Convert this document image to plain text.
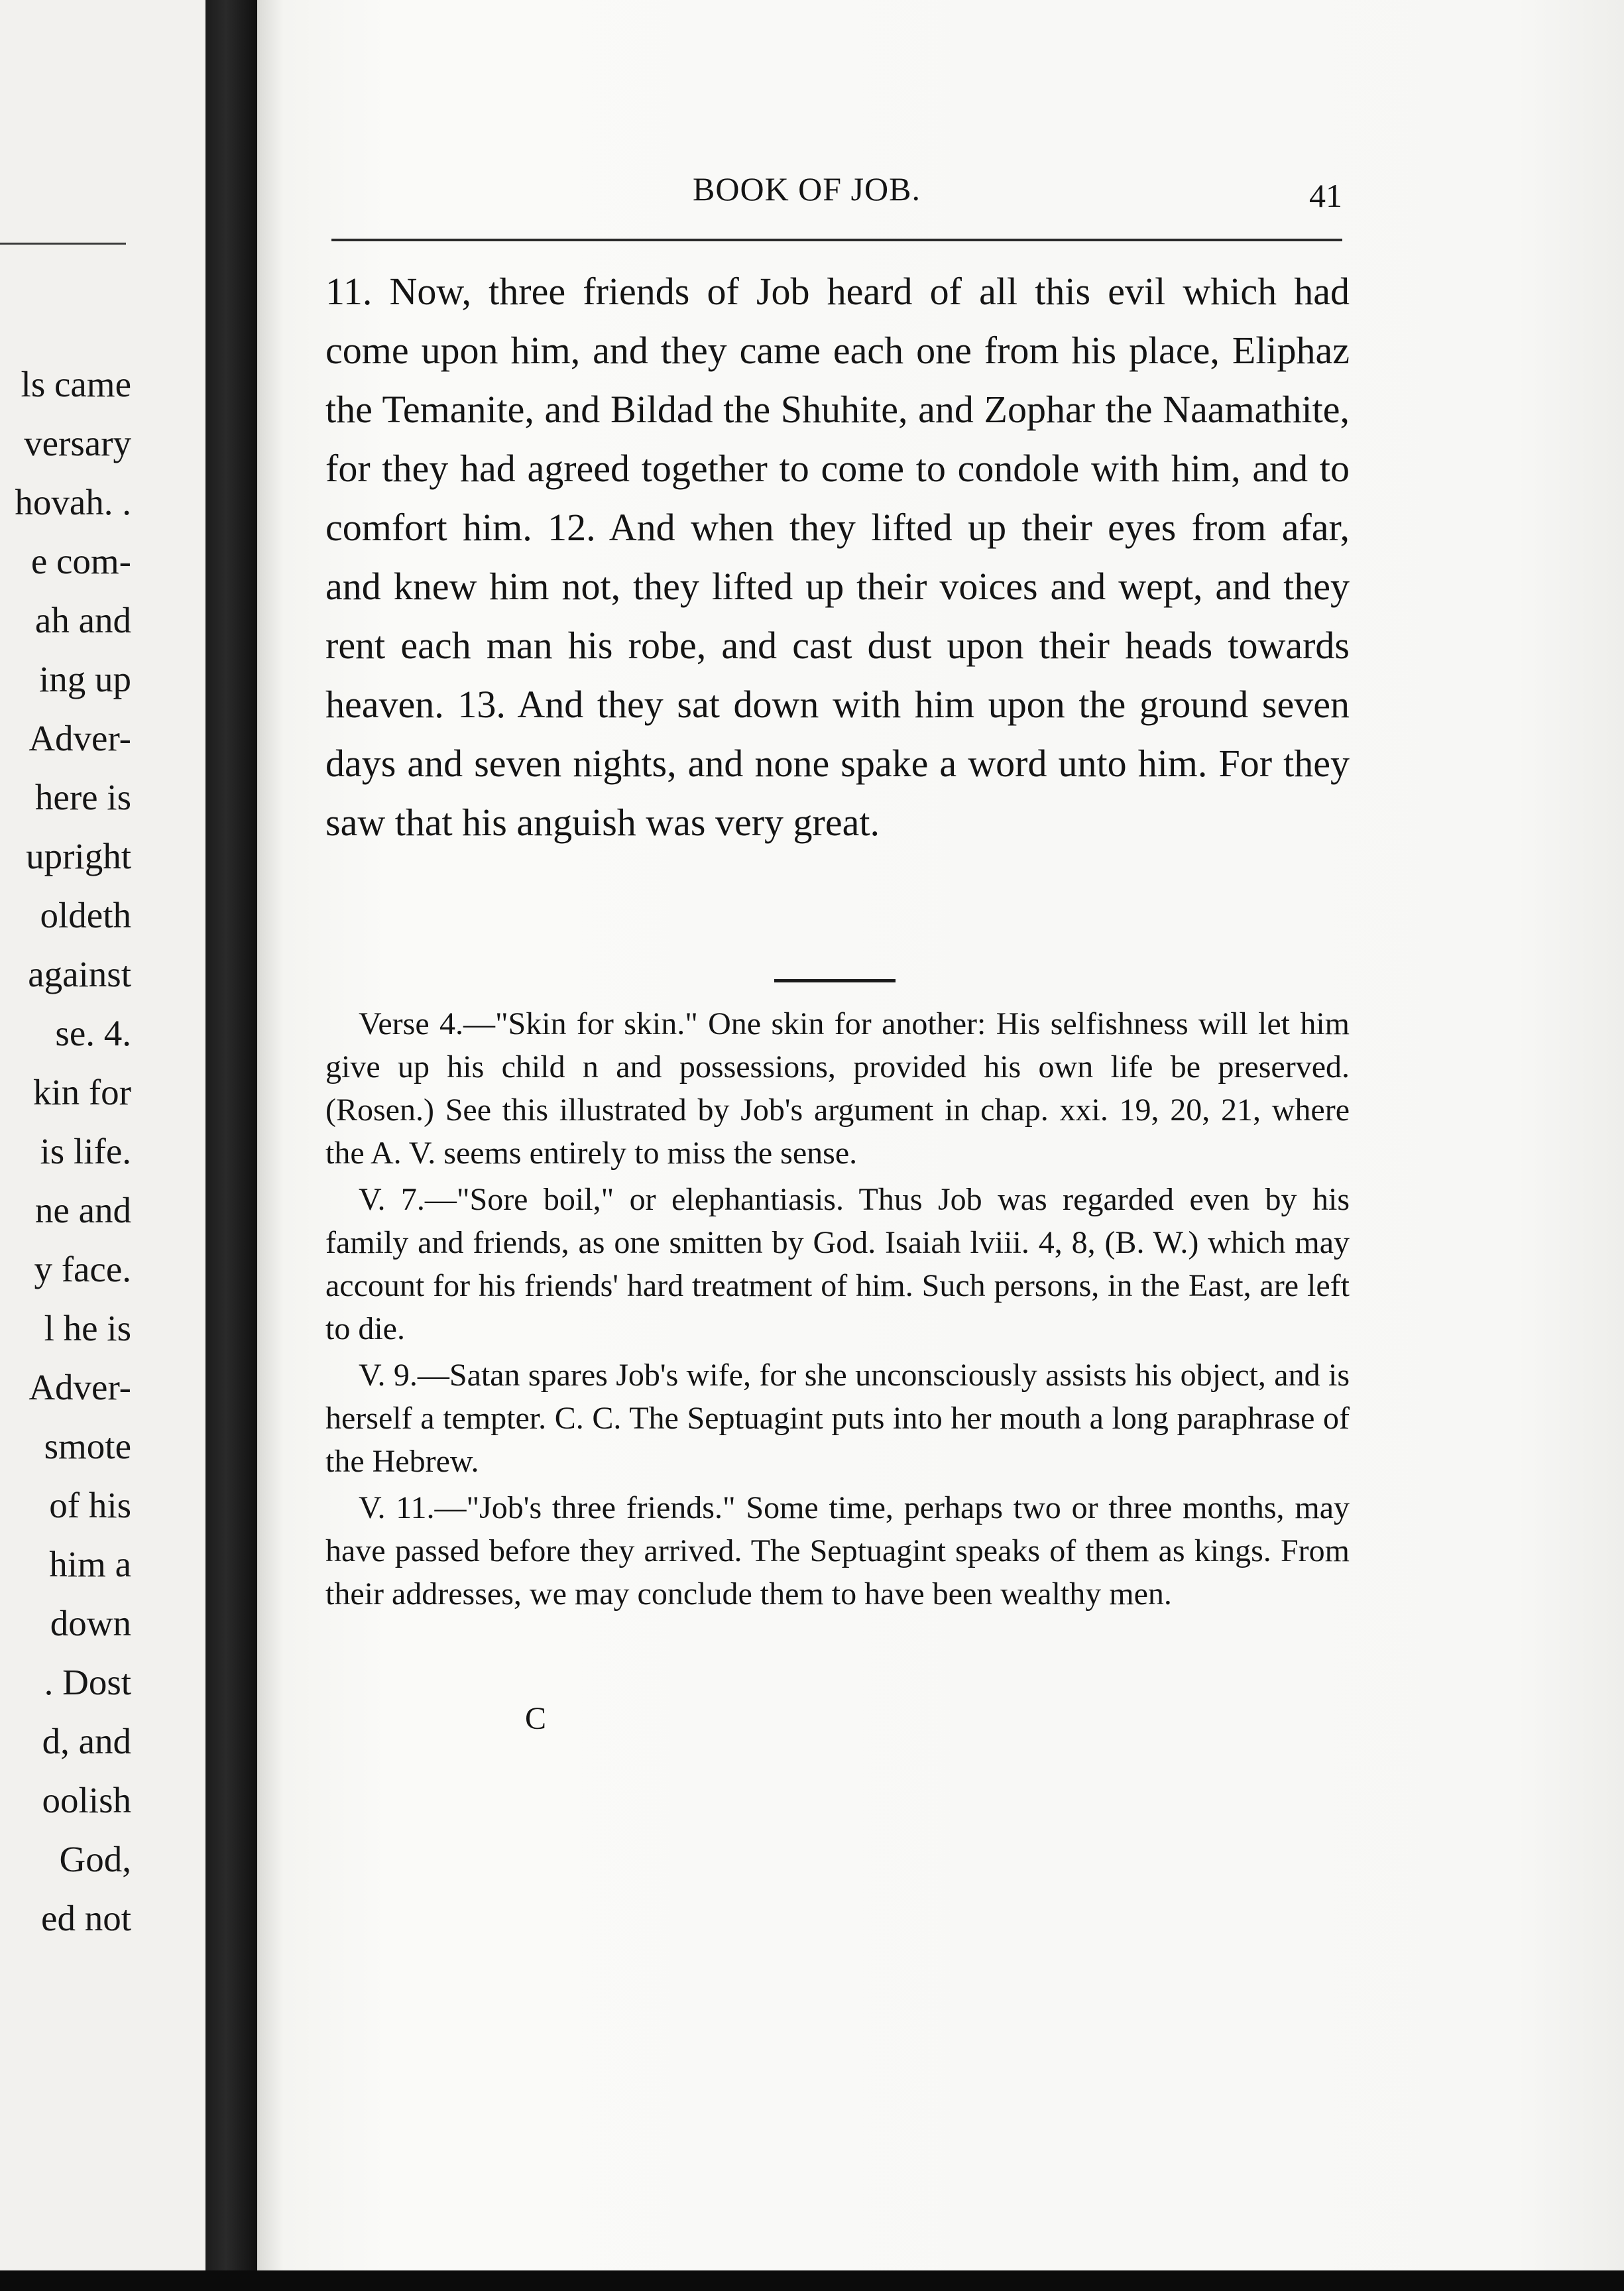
ls came
versary
hovah. .
e com-
ah and
ing up
Adver-
here is
upright
oldeth
against
se. 4.
kin for
is life.
ne and
y face.
l he is
Adver-
smote
of his
him a
down
. Dost
d, and
oolish
God,
ed not
BOOK OF JOB.	41
11. Now, three friends of Job heard of all this evil which had come upon him, and they came each one from his place, Eliphaz the Temanite, and Bildad the Shuhite, and Zophar the Naamathite, for they had agreed together to come to condole with him, and to comfort him. 12. And when they lifted up their eyes from afar, and knew him not, they lifted up their voices and wept, and they rent each man his robe, and cast dust upon their heads towards heaven. 13. And they sat down with him upon the ground seven days and seven nights, and none spake a word unto him. For they saw that his anguish was very great.

Verse 4.—"Skin for skin." One skin for another: His selfishness will let him give up his child n and possessions, provided his own life be preserved. (Rosen.) See this illustrated by Job's argument in chap. xxi. 19, 20, 21, where the A. V. seems entirely to miss the sense.

V. 7.—"Sore boil," or elephantiasis. Thus Job was regarded even by his family and friends, as one smitten by God. Isaiah lviii. 4, 8, (B. W.) which may account for his friends' hard treatment of him. Such persons, in the East, are left to die.

V. 9.—Satan spares Job's wife, for she unconsciously assists his object, and is herself a tempter. C. C. The Septuagint puts into her mouth a long paraphrase of the Hebrew.

V. 11.—"Job's three friends." Some time, perhaps two or three months, may have passed before they arrived. The Septuagint speaks of them as kings. From their addresses, we may conclude them to have been wealthy men.

C
